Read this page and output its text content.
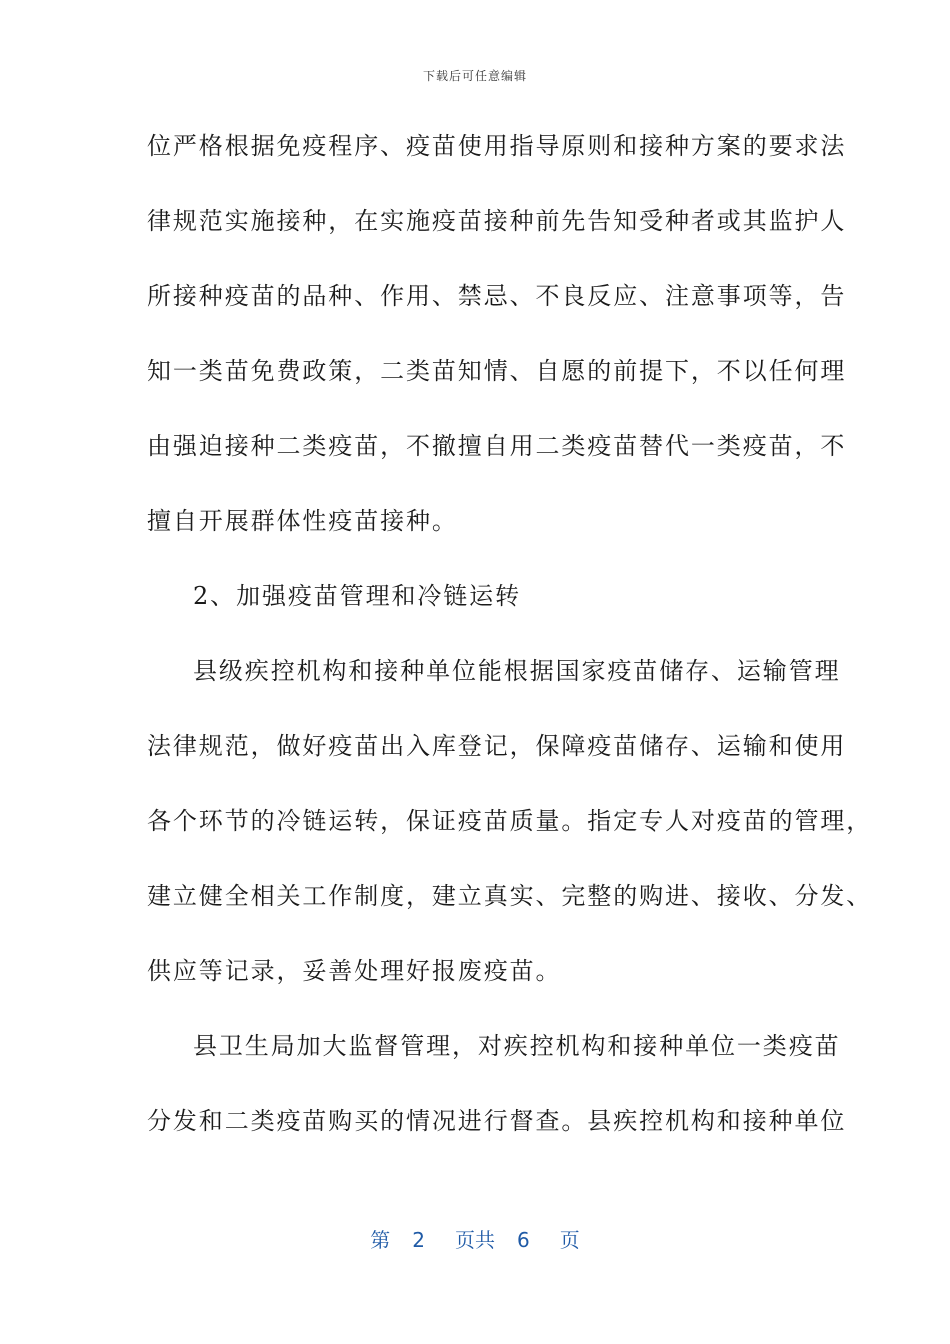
下载后可任意编辑
位严格根据免疫程序、疫苗使用指导原则和接种方案的要求法
律规范实施接种，在实施疫苗接种前先告知受种者或其监护人
所接种疫苗的品种、作用、禁忌、不良反应、注意事项等，告
知一类苗免费政策，二类苗知情、自愿的前提下，不以任何理
由强迫接种二类疫苗，不撤擅自用二类疫苗替代一类疫苗，不
擅自开展群体性疫苗接种。
2、加强疫苗管理和冷链运转
县级疾控机构和接种单位能根据国家疫苗储存、运输管理
法律规范，做好疫苗出入库登记，保障疫苗储存、运输和使用
各个环节的冷链运转，保证疫苗质量。指定专人对疫苗的管理，
建立健全相关工作制度，建立真实、完整的购进、接收、分发、
供应等记录，妥善处理好报废疫苗。
县卫生局加大监督管理，对疾控机构和接种单位一类疫苗
分发和二类疫苗购买的情况进行督查。县疾控机构和接种单位
第 2 页共 6 页
